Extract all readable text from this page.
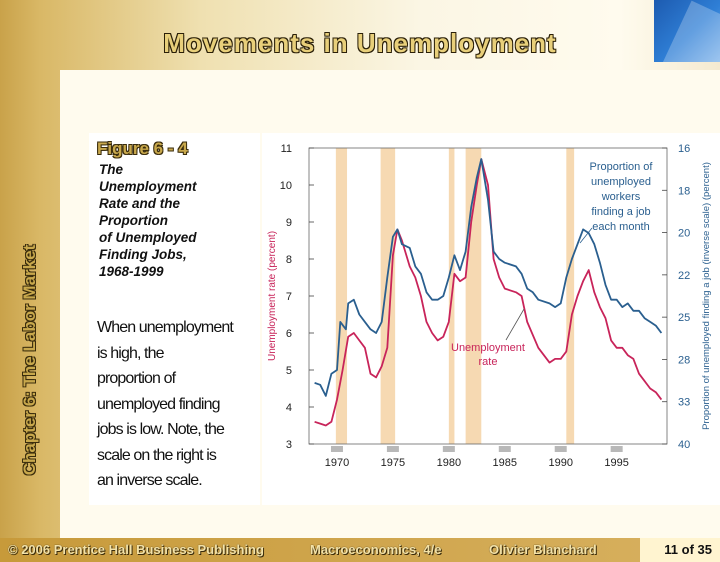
Movements in Unemployment
Chapter 6: The Labor Market
Figure 6 - 4
The
Unemployment
Rate and the
Proportion
of Unemployed
Finding Jobs,
1968-1999
When unemployment
is high, the
proportion of
unemployed finding
jobs is low. Note, the
scale on the right is
an inverse scale.
3
4
5
6
7
8
9
10
11	16
18
20
22
25
28
33
40
1970	1975	1980	1985	1990	1995
Unemployment rate (percent)	Proportion of unemployed finding a job (inverse scale) (percent)
Proportion of
unemployed
workers
finding a job
each month
Unemployment
rate
© 2006 Prentice Hall Business Publishing	Macroeconomics, 4/e	Olivier Blanchard	11 of 35
